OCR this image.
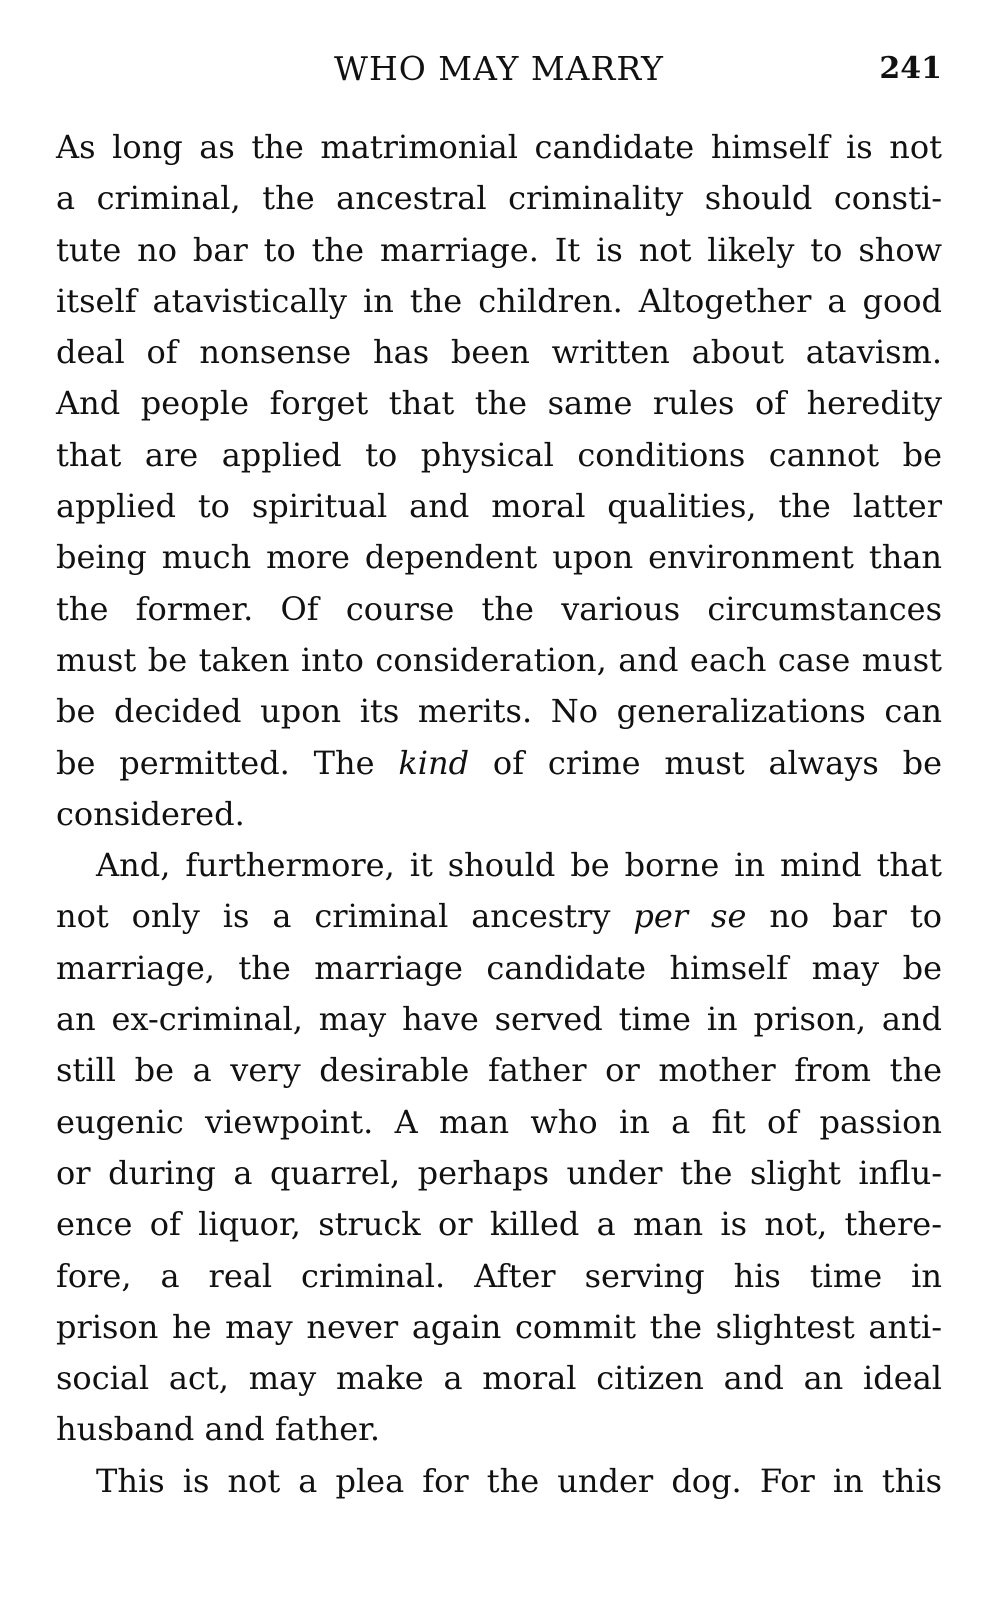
WHO MAY MARRY	241

As long as the matrimonial candidate himself is not
a criminal, the ancestral criminality should consti-
tute no bar to the marriage. It is not likely to show
itself atavistically in the children. Altogether a good
deal of nonsense has been written about atavism.
And people forget that the same rules of heredity
that are applied to physical conditions cannot be
applied to spiritual and moral qualities, the latter
being much more dependent upon environment than
the former. Of course the various circumstances
must be taken into consideration, and each case must
be decided upon its merits. No generalizations can
be permitted. The kind of crime must always be
considered.

And, furthermore, it should be borne in mind that
not only is a criminal ancestry per se no bar to
marriage, the marriage candidate himself may be
an ex-criminal, may have served time in prison, and
still be a very desirable father or mother from the
eugenic viewpoint. A man who in a fit of passion
or during a quarrel, perhaps under the slight influ-
ence of liquor, struck or killed a man is not, there-
fore, a real criminal. After serving his time in
prison he may never again commit the slightest anti-
social act, may make a moral citizen and an ideal
husband and father.

This is not a plea for the under dog. For in this
